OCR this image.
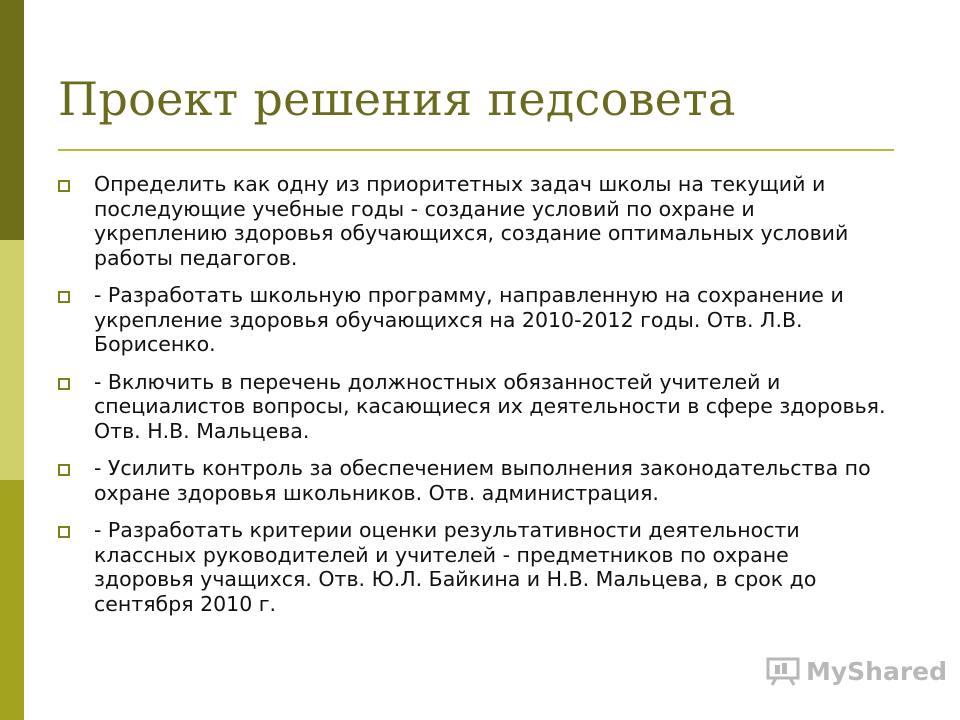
Проект решения педсовета
Определить как одну из приоритетных задач школы на текущий и последующие учебные годы - создание условий по охране и укреплению здоровья обучающихся, создание оптимальных условий работы педагогов.
- Разработать школьную программу, направленную на сохранение и укрепление здоровья обучающихся на 2010-2012 годы. Отв. Л.В. Борисенко.
- Включить в перечень должностных обязанностей учителей и специалистов вопросы, касающиеся их деятельности в сфере здоровья. Отв. Н.В. Мальцева.
- Усилить контроль за обеспечением выполнения законодательства по охране здоровья школьников. Отв. администрация.
- Разработать критерии оценки результативности деятельности классных руководителей и учителей - предметников по охране здоровья учащихся. Отв. Ю.Л. Байкина и Н.В. Мальцева, в срок до сентября 2010 г.
MyShared
